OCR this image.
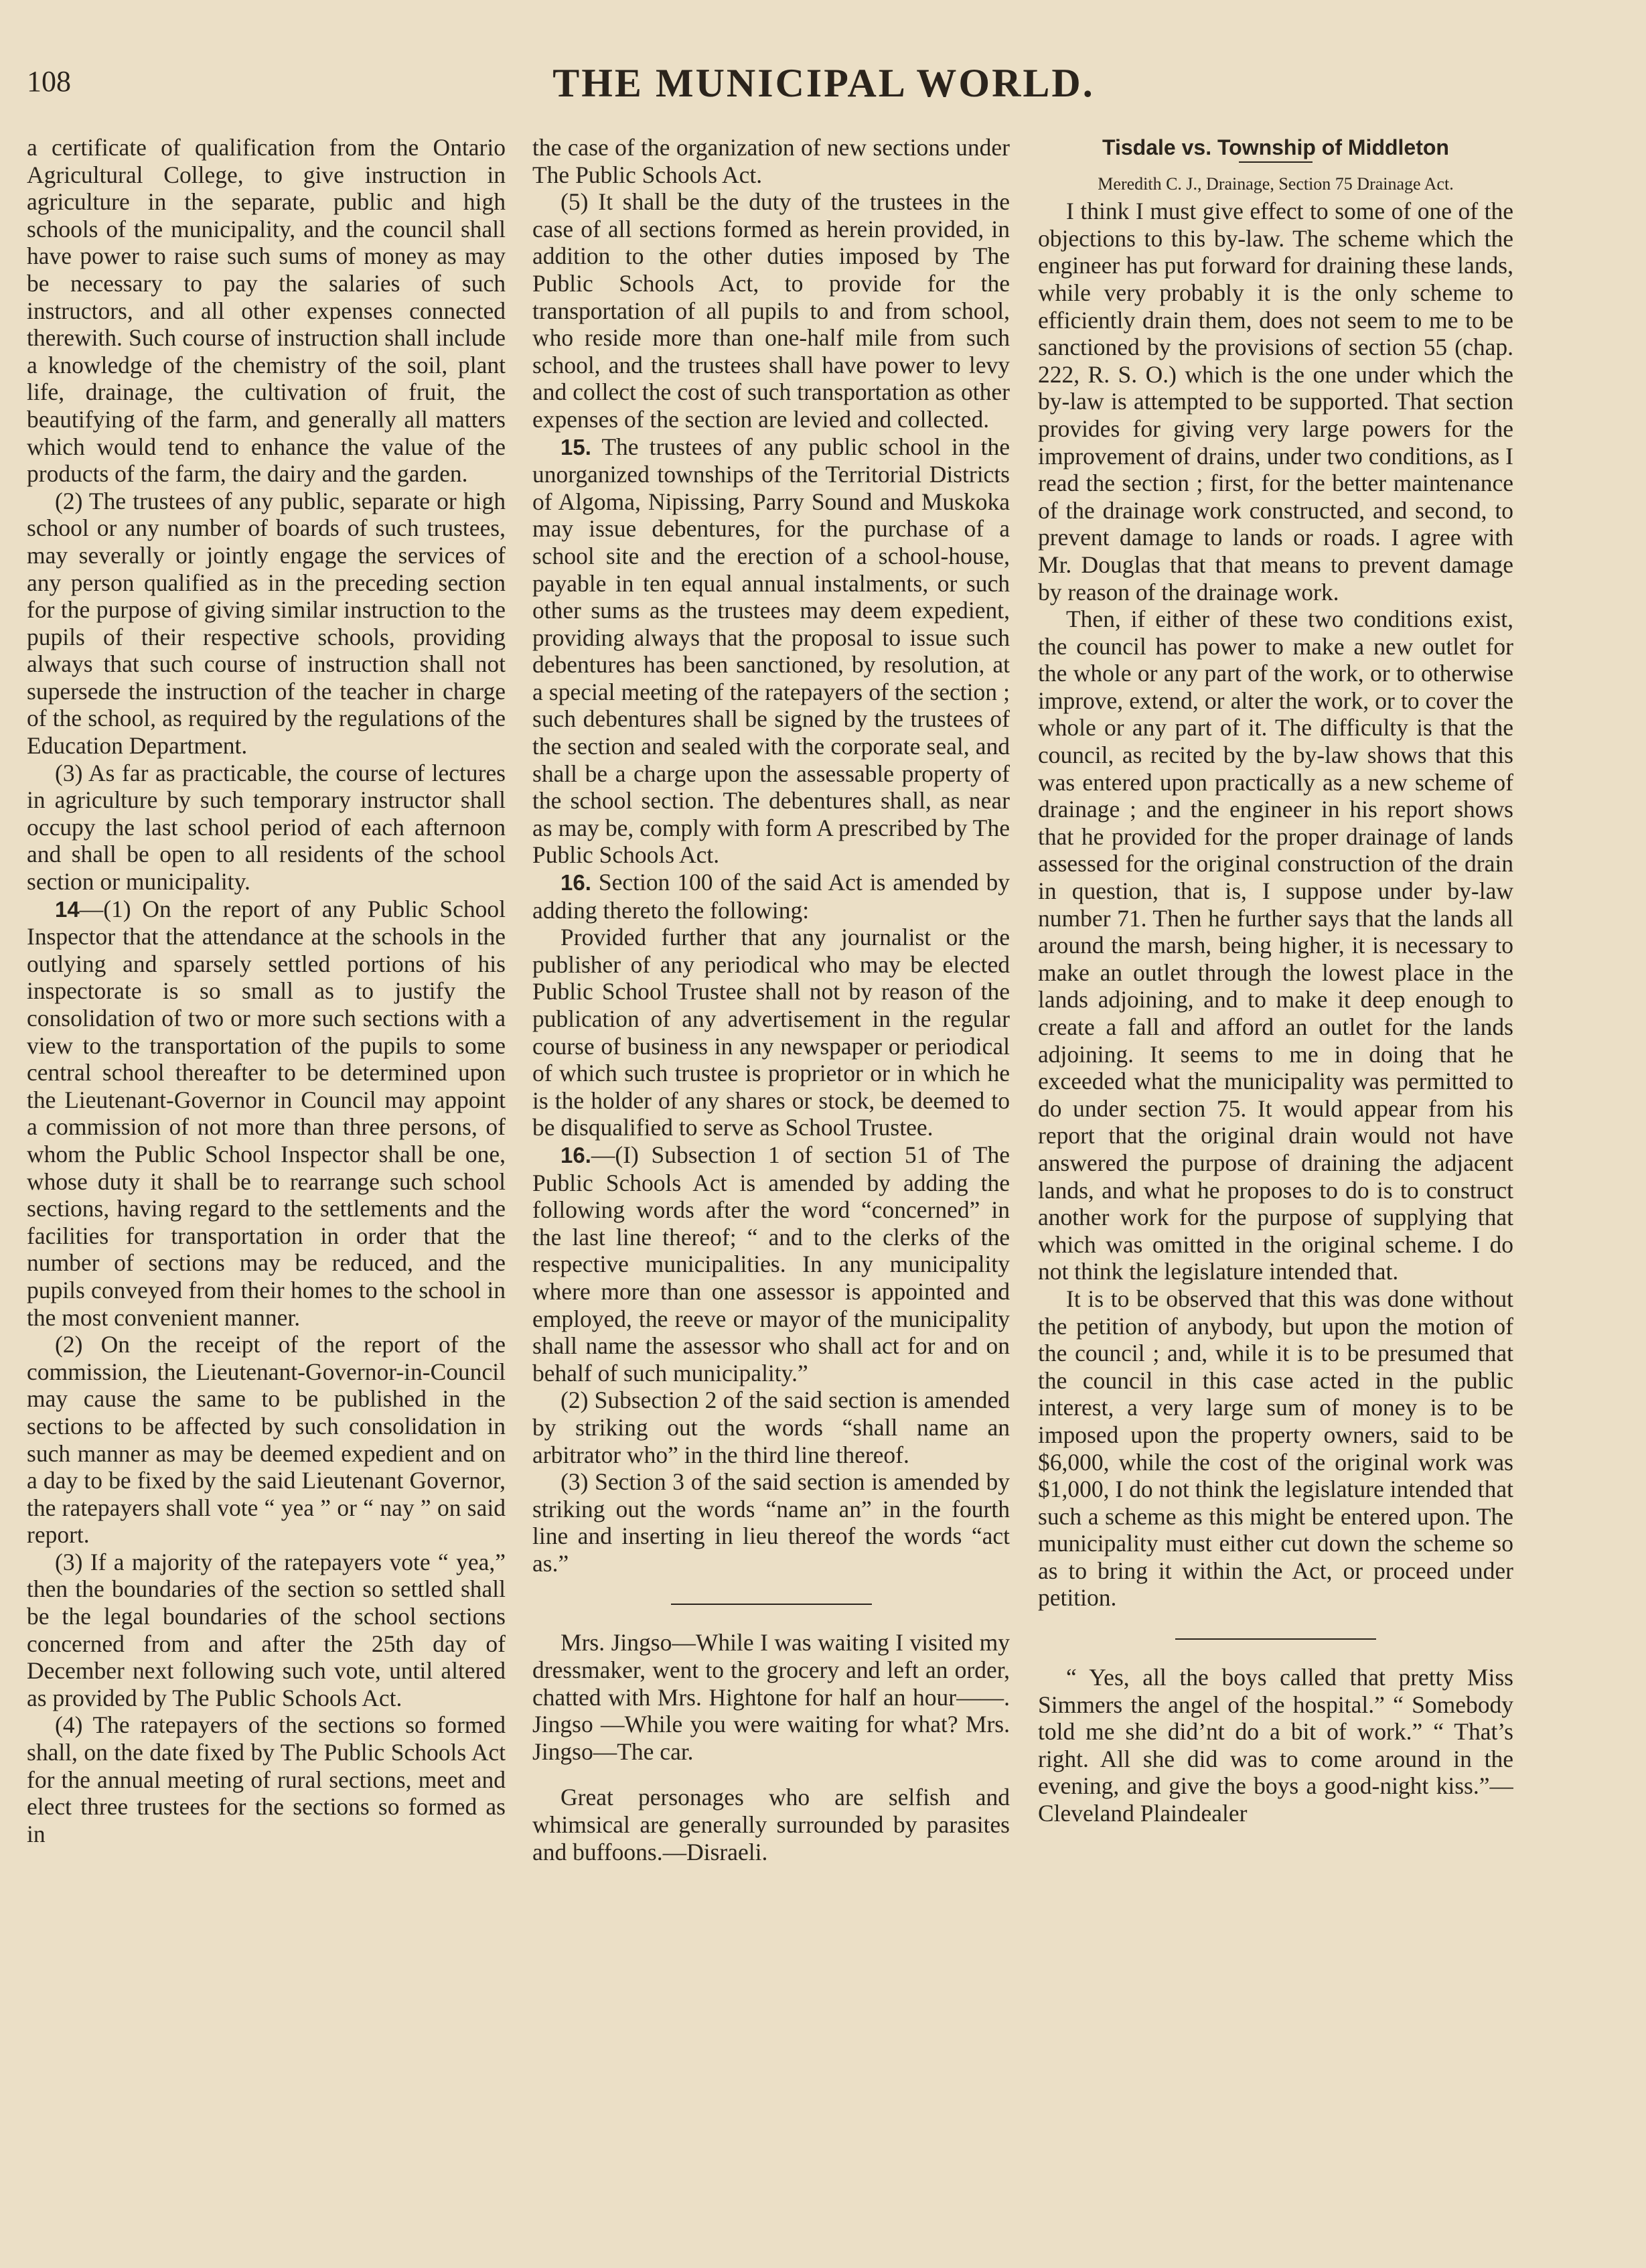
108	THE MUNICIPAL WORLD.

a certificate of qualification from the Ontario Agricultural College, to give instruction in agriculture in the separate, public and high schools of the municipality, and the council shall have power to raise such sums of money as may be necessary to pay the salaries of such instructors, and all other expenses connected therewith. Such course of instruction shall include a knowledge of the chemistry of the soil, plant life, drainage, the cultivation of fruit, the beautifying of the farm, and generally all matters which would tend to enhance the value of the products of the farm, the dairy and the garden.

(2) The trustees of any public, separate or high school or any number of boards of such trustees, may severally or jointly engage the services of any person qualified as in the preceding section for the purpose of giving similar instruction to the pupils of their respective schools, providing always that such course of instruction shall not supersede the instruction of the teacher in charge of the school, as required by the regulations of the Education Department.

(3) As far as practicable, the course of lectures in agriculture by such temporary instructor shall occupy the last school period of each afternoon and shall be open to all residents of the school section or municipality.

14—(1) On the report of any Public School Inspector that the attendance at the schools in the outlying and sparsely settled portions of his inspectorate is so small as to justify the consolidation of two or more such sections with a view to the transportation of the pupils to some central school thereafter to be determined upon the Lieutenant-Governor in Council may appoint a commission of not more than three persons, of whom the Public School Inspector shall be one, whose duty it shall be to rearrange such school sections, having regard to the settlements and the facilities for transportation in order that the number of sections may be reduced, and the pupils conveyed from their homes to the school in the most convenient manner.

(2) On the receipt of the report of the commission, the Lieutenant-Governor-in-Council may cause the same to be published in the sections to be affected by such consolidation in such manner as may be deemed expedient and on a day to be fixed by the said Lieutenant Governor, the ratepayers shall vote “ yea ” or “ nay ” on said report.

(3) If a majority of the ratepayers vote “ yea,” then the boundaries of the section so settled shall be the legal boundaries of the school sections concerned from and after the 25th day of December next following such vote, until altered as provided by The Public Schools Act.

(4) The ratepayers of the sections so formed shall, on the date fixed by The Public Schools Act for the annual meeting of rural sections, meet and elect three trustees for the sections so formed as in

the case of the organization of new sections under The Public Schools Act.

(5) It shall be the duty of the trustees in the case of all sections formed as herein provided, in addition to the other duties imposed by The Public Schools Act, to provide for the transportation of all pupils to and from school, who reside more than one-half mile from such school, and the trustees shall have power to levy and collect the cost of such transportation as other expenses of the section are levied and collected.

15. The trustees of any public school in the unorganized townships of the Territorial Districts of Algoma, Nipissing, Parry Sound and Muskoka may issue debentures, for the purchase of a school site and the erection of a school-house, payable in ten equal annual instalments, or such other sums as the trustees may deem expedient, providing always that the proposal to issue such debentures has been sanctioned, by resolution, at a special meeting of the ratepayers of the section ; such debentures shall be signed by the trustees of the section and sealed with the corporate seal, and shall be a charge upon the assessable property of the school section. The debentures shall, as near as may be, comply with form A prescribed by The Public Schools Act.

16. Section 100 of the said Act is amended by adding thereto the following:

Provided further that any journalist or the publisher of any periodical who may be elected Public School Trustee shall not by reason of the publication of any advertisement in the regular course of business in any newspaper or periodical of which such trustee is proprietor or in which he is the holder of any shares or stock, be deemed to be disqualified to serve as School Trustee.

16.—(I) Subsection 1 of section 51 of The Public Schools Act is amended by adding the following words after the word “concerned” in the last line thereof; “ and to the clerks of the respective municipalities. In any municipality where more than one assessor is appointed and employed, the reeve or mayor of the municipality shall name the assessor who shall act for and on behalf of such municipality.”

(2) Subsection 2 of the said section is amended by striking out the words “shall name an arbitrator who” in the third line thereof.

(3) Section 3 of the said section is amended by striking out the words “name an” in the fourth line and inserting in lieu thereof the words “act as.”

Mrs. Jingso—While I was waiting I visited my dressmaker, went to the grocery and left an order, chatted with Mrs. Hightone for half an hour——. Jingso —While you were waiting for what? Mrs. Jingso—The car.

Great personages who are selfish and whimsical are generally surrounded by parasites and buffoons.—Disraeli.

Tisdale vs. Township of Middleton

Meredith C. J., Drainage, Section 75 Drainage Act.

I think I must give effect to some of one of the objections to this by-law. The scheme which the engineer has put forward for draining these lands, while very probably it is the only scheme to efficiently drain them, does not seem to me to be sanctioned by the provisions of section 55 (chap. 222, R. S. O.) which is the one under which the by-law is attempted to be supported. That section provides for giving very large powers for the improvement of drains, under two conditions, as I read the section ; first, for the better maintenance of the drainage work constructed, and second, to prevent damage to lands or roads. I agree with Mr. Douglas that that means to prevent damage by reason of the drainage work.

Then, if either of these two conditions exist, the council has power to make a new outlet for the whole or any part of the work, or to otherwise improve, extend, or alter the work, or to cover the whole or any part of it. The difficulty is that the council, as recited by the by-law shows that this was entered upon practically as a new scheme of drainage ; and the engineer in his report shows that he provided for the proper drainage of lands assessed for the original construction of the drain in question, that is, I suppose under by-law number 71. Then he further says that the lands all around the marsh, being higher, it is necessary to make an outlet through the lowest place in the lands adjoining, and to make it deep enough to create a fall and afford an outlet for the lands adjoining. It seems to me in doing that he exceeded what the municipality was permitted to do under section 75. It would appear from his report that the original drain would not have answered the purpose of draining the adjacent lands, and what he proposes to do is to construct another work for the purpose of supplying that which was omitted in the original scheme. I do not think the legislature intended that.

It is to be observed that this was done without the petition of anybody, but upon the motion of the council ; and, while it is to be presumed that the council in this case acted in the public interest, a very large sum of money is to be imposed upon the property owners, said to be $6,000, while the cost of the original work was $1,000, I do not think the legislature intended that such a scheme as this might be entered upon. The municipality must either cut down the scheme so as to bring it within the Act, or proceed under petition.

“ Yes, all the boys called that pretty Miss Simmers the angel of the hospital.” “ Somebody told me she did’nt do a bit of work.” “ That’s right. All she did was to come around in the evening, and give the boys a good-night kiss.”—Cleveland Plaindealer
